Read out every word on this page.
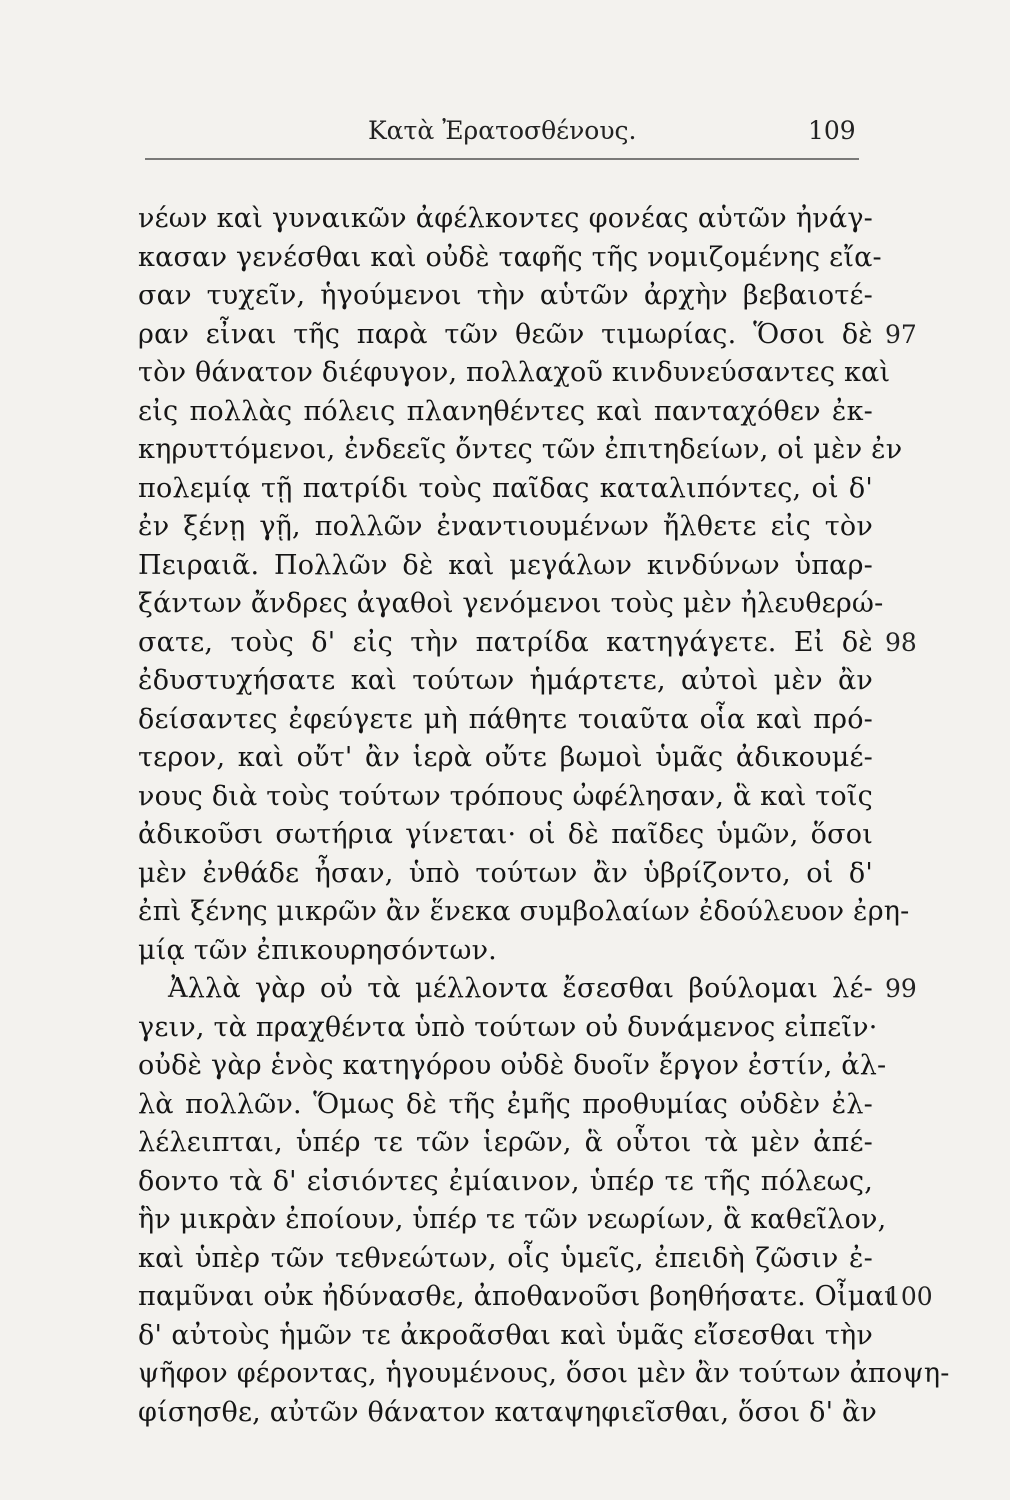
Κατὰ Ἐρατοσθένους.	109
νέων καὶ γυναικῶν ἀφέλκοντες φονέας αὑτῶν ἠνάγ-
κασαν γενέσθαι καὶ οὐδὲ ταφῆς τῆς νομιζομένης εἴα-
σαν τυχεῖν, ἡγούμενοι τὴν αὑτῶν ἀρχὴν βεβαιοτέ-
ραν εἶναι τῆς παρὰ τῶν θεῶν τιμωρίας. Ὅσοι δὲ
τὸν θάνατον διέφυγον, πολλαχοῦ κινδυνεύσαντες καὶ
εἰς πολλὰς πόλεις πλανηθέντες καὶ πανταχόθεν ἐκ-
κηρυττόμενοι, ἐνδεεῖς ὄντες τῶν ἐπιτηδείων, οἱ μὲν ἐν
πολεμίᾳ τῇ πατρίδι τοὺς παῖδας καταλιπόντες, οἱ δ'
ἐν ξένῃ γῇ, πολλῶν ἐναντιουμένων ἤλθετε εἰς τὸν
Πειραιᾶ. Πολλῶν δὲ καὶ μεγάλων κινδύνων ὑπαρ-
ξάντων ἄνδρες ἀγαθοὶ γενόμενοι τοὺς μὲν ἠλευθερώ-
σατε, τοὺς δ' εἰς τὴν πατρίδα κατηγάγετε. Εἰ δὲ
ἐδυστυχήσατε καὶ τούτων ἡμάρτετε, αὐτοὶ μὲν ἂν
δείσαντες ἐφεύγετε μὴ πάθητε τοιαῦτα οἷα καὶ πρό-
τερον, καὶ οὔτ' ἂν ἱερὰ οὔτε βωμοὶ ὑμᾶς ἀδικουμέ-
νους διὰ τοὺς τούτων τρόπους ὠφέλησαν, ἃ καὶ τοῖς
ἀδικοῦσι σωτήρια γίνεται· οἱ δὲ παῖδες ὑμῶν, ὅσοι
μὲν ἐνθάδε ἦσαν, ὑπὸ τούτων ἂν ὑβρίζοντο, οἱ δ'
ἐπὶ ξένης μικρῶν ἂν ἕνεκα συμβολαίων ἐδούλευον ἐρη-
μίᾳ τῶν ἐπικουρησόντων.
Ἀλλὰ γὰρ οὐ τὰ μέλλοντα ἔσεσθαι βούλομαι λέ-
γειν, τὰ πραχθέντα ὑπὸ τούτων οὐ δυνάμενος εἰπεῖν·
οὐδὲ γὰρ ἑνὸς κατηγόρου οὐδὲ δυοῖν ἔργον ἐστίν, ἀλ-
λὰ πολλῶν. Ὅμως δὲ τῆς ἐμῆς προθυμίας οὐδὲν ἐλ-
λέλειπται, ὑπέρ τε τῶν ἱερῶν, ἃ οὗτοι τὰ μὲν ἀπέ-
δοντο τὰ δ' εἰσιόντες ἐμίαινον, ὑπέρ τε τῆς πόλεως,
ἣν μικρὰν ἐποίουν, ὑπέρ τε τῶν νεωρίων, ἃ καθεῖλον,
καὶ ὑπὲρ τῶν τεθνεώτων, οἷς ὑμεῖς, ἐπειδὴ ζῶσιν ἐ-
παμῦναι οὐκ ἠδύνασθε, ἀποθανοῦσι βοηθήσατε. Οἶμαι
δ' αὐτοὺς ἡμῶν τε ἀκροᾶσθαι καὶ ὑμᾶς εἴσεσθαι τὴν
ψῆφον φέροντας, ἡγουμένους, ὅσοι μὲν ἂν τούτων ἀποψη-
φίσησθε, αὐτῶν θάνατον καταψηφιεῖσθαι, ὅσοι δ' ἂν
97
98
99
100
